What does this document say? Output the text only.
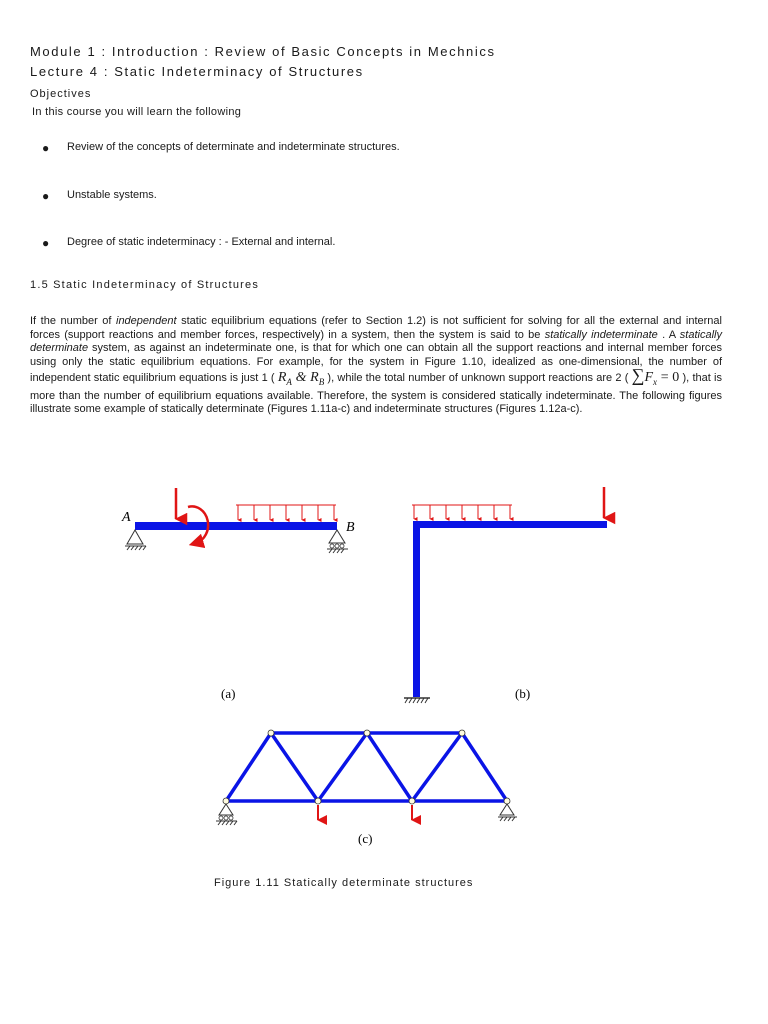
Module 1 : Introduction : Review of Basic Concepts in Mechnics
Lecture 4 : Static Indeterminacy of Structures
Objectives
In this course you will learn the following
● Review of the concepts of determinate and indeterminate structures.
● Unstable systems.
● Degree of static indeterminacy : - External and internal.
1.5 Static Indeterminacy of Structures
If the number of independent static equilibrium equations (refer to Section 1.2) is not sufficient for solving for all the external and internal forces (support reactions and member forces, respectively) in a system, then the system is said to be statically indeterminate . A statically determinate system, as against an indeterminate one, is that for which one can obtain all the support reactions and internal member forces using only the static equilibrium equations. For example, for the system in Figure 1.10, idealized as one-dimensional, the number of independent static equilibrium equations is just 1 ( $R_A$ & $R_B$ ), while the total number of unknown support reactions are 2 ( $\sum F_x = 0$ ), that is more than the number of equilibrium equations available. Therefore, the system is considered statically indeterminate. The following figures illustrate some example of statically determinate (Figures 1.11a-c) and indeterminate structures (Figures 1.12a-c).
A
B
(a)	(b)
(c)
Figure 1.11 Statically determinate structures
